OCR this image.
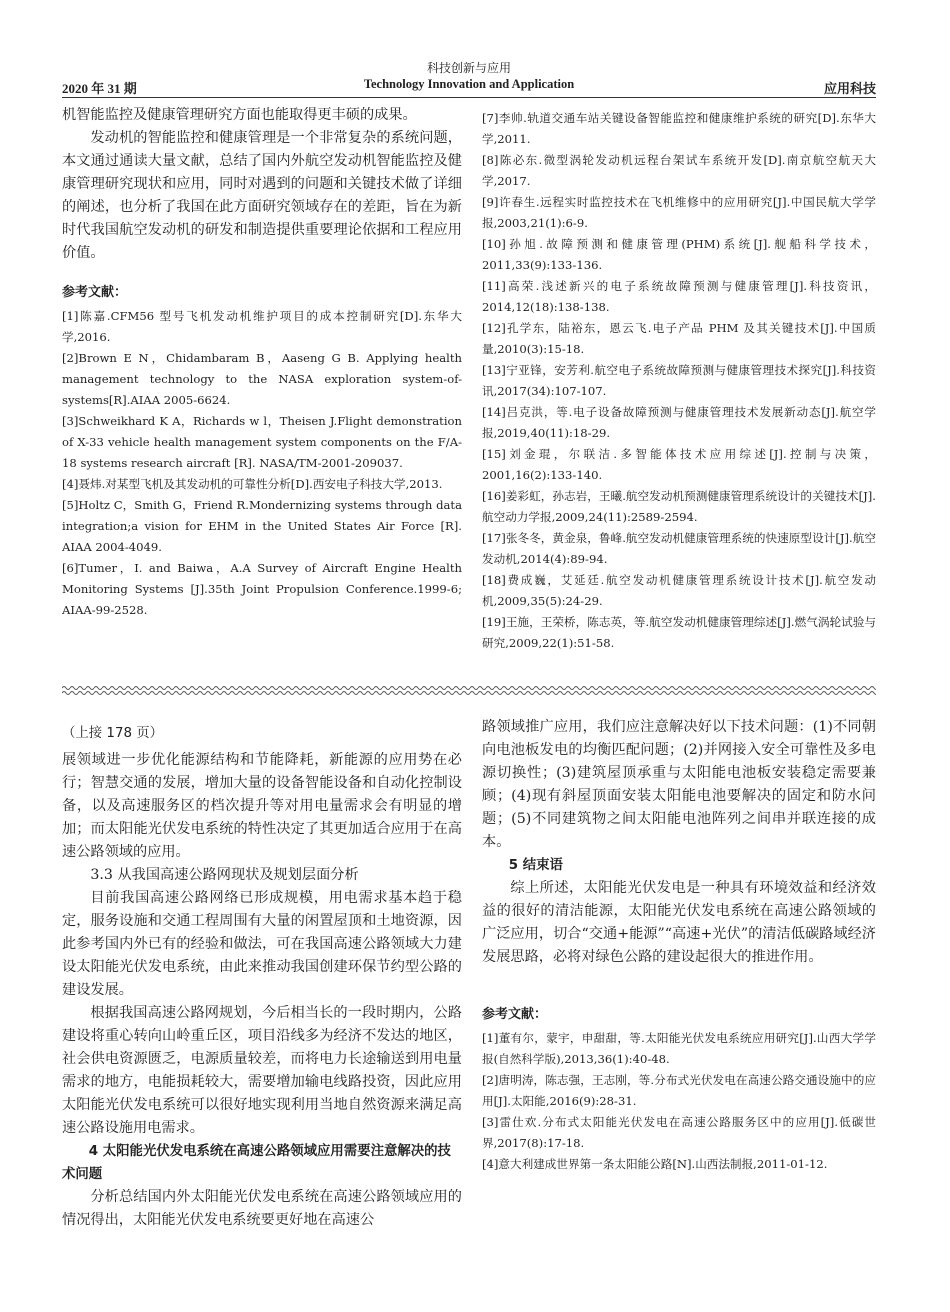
2020 年 31 期
科技创新与应用
Technology Innovation and Application	应用科技

机智能监控及健康管理研究方面也能取得更丰硕的成果。

发动机的智能监控和健康管理是一个非常复杂的系统问题，本文通过通读大量文献，总结了国内外航空发动机智能监控及健康管理研究现状和应用，同时对遇到的问题和关键技术做了详细的阐述，也分析了我国在此方面研究领域存在的差距，旨在为新时代我国航空发动机的研发和制造提供重要理论依据和工程应用价值。

参考文献：
[1]陈嘉.CFM56 型号飞机发动机维护项目的成本控制研究[D].东华大学,2016.
[2]Brown E N，Chidambaram B，Aaseng G B. Applying health management technology to the NASA exploration system-of-systems[R].AIAA 2005-6624.
[3]Schweikhard K A，Richards w l，Theisen J.Flight demonstration of X-33 vehicle health management system components on the F/A-18 systems research aircraft [R]. NASA/TM-2001-209037.
[4]聂炜.对某型飞机及其发动机的可靠性分析[D].西安电子科技大学,2013.
[5]Holtz C，Smith G，Friend R.Mondernizing systems through data integration;a vision for EHM in the United States Air Force [R]. AIAA 2004-4049.
[6]Tumer，I. and Baiwa，A.A Survey of Aircraft Engine Health Monitoring Systems [J].35th Joint Propulsion Conference.1999-6; AIAA-99-2528.
[7]李帅.轨道交通车站关键设备智能监控和健康维护系统的研究[D].东华大学,2011.
[8]陈必东.微型涡轮发动机远程台架试车系统开发[D].南京航空航天大学,2017.
[9]许春生.远程实时监控技术在飞机维修中的应用研究[J].中国民航大学学报,2003,21(1):6-9.
[10]孙旭.故障预测和健康管理(PHM)系统[J].舰船科学技术，2011,33(9):133-136.
[11]高荣.浅述新兴的电子系统故障预测与健康管理[J].科技资讯，2014,12(18):138-138.
[12]孔学东，陆裕东，恩云飞.电子产品 PHM 及其关键技术[J].中国质量,2010(3):15-18.
[13]宁亚锋，安芳利.航空电子系统故障预测与健康管理技术探究[J].科技资讯,2017(34):107-107.
[14]吕克洪，等.电子设备故障预测与健康管理技术发展新动态[J].航空学报,2019,40(11):18-29.
[15]刘金琨，尔联洁.多智能体技术应用综述[J].控制与决策，2001,16(2):133-140.
[16]姜彩虹，孙志岩，王曦.航空发动机预测健康管理系统设计的关键技术[J].航空动力学报,2009,24(11):2589-2594.
[17]张冬冬，黄金泉，鲁峰.航空发动机健康管理系统的快速原型设计[J].航空发动机,2014(4):89-94.
[18]费成巍，艾延廷.航空发动机健康管理系统设计技术[J].航空发动机,2009,35(5):24-29.
[19]王施，王荣桥，陈志英，等.航空发动机健康管理综述[J].燃气涡轮试验与研究,2009,22(1):51-58.
（上接 178 页）

展领域进一步优化能源结构和节能降耗，新能源的应用势在必行；智慧交通的发展，增加大量的设备智能设备和自动化控制设备，以及高速服务区的档次提升等对用电量需求会有明显的增加；而太阳能光伏发电系统的特性决定了其更加适合应用于在高速公路领域的应用。

3.3 从我国高速公路网现状及规划层面分析

目前我国高速公路网络已形成规模，用电需求基本趋于稳定，服务设施和交通工程周围有大量的闲置屋顶和土地资源，因此参考国内外已有的经验和做法，可在我国高速公路领域大力建设太阳能光伏发电系统，由此来推动我国创建环保节约型公路的建设发展。

根据我国高速公路网规划，今后相当长的一段时期内，公路建设将重心转向山岭重丘区，项目沿线多为经济不发达的地区，社会供电资源匮乏，电源质量较差，而将电力长途输送到用电量需求的地方，电能损耗较大，需要增加输电线路投资，因此应用太阳能光伏发电系统可以很好地实现利用当地自然资源来满足高速公路设施用电需求。

4 太阳能光伏发电系统在高速公路领域应用需要注意解决的技术问题

分析总结国内外太阳能光伏发电系统在高速公路领域应用的情况得出，太阳能光伏发电系统要更好地在高速公

路领域推广应用，我们应注意解决好以下技术问题：(1)不同朝向电池板发电的均衡匹配问题；(2)并网接入安全可靠性及多电源切换性；(3)建筑屋顶承重与太阳能电池板安装稳定需要兼顾；(4)现有斜屋顶面安装太阳能电池要解决的固定和防水问题；(5)不同建筑物之间太阳能电池阵列之间串并联连接的成本。

5 结束语

综上所述，太阳能光伏发电是一种具有环境效益和经济效益的很好的清洁能源，太阳能光伏发电系统在高速公路领域的广泛应用，切合“交通+能源”“高速+光伏”的清洁低碳路域经济发展思路，必将对绿色公路的建设起很大的推进作用。

参考文献：
[1]董有尔，蒙宇，申甜甜，等.太阳能光伏发电系统应用研究[J].山西大学学报(自然科学版),2013,36(1):40-48.
[2]唐明涛，陈志强，王志刚，等.分布式光伏发电在高速公路交通设施中的应用[J].太阳能,2016(9):28-31.
[3]雷仕欢.分布式太阳能光伏发电在高速公路服务区中的应用[J].低碳世界,2017(8):17-18.
[4]意大利建成世界第一条太阳能公路[N].山西法制报,2011-01-12.
